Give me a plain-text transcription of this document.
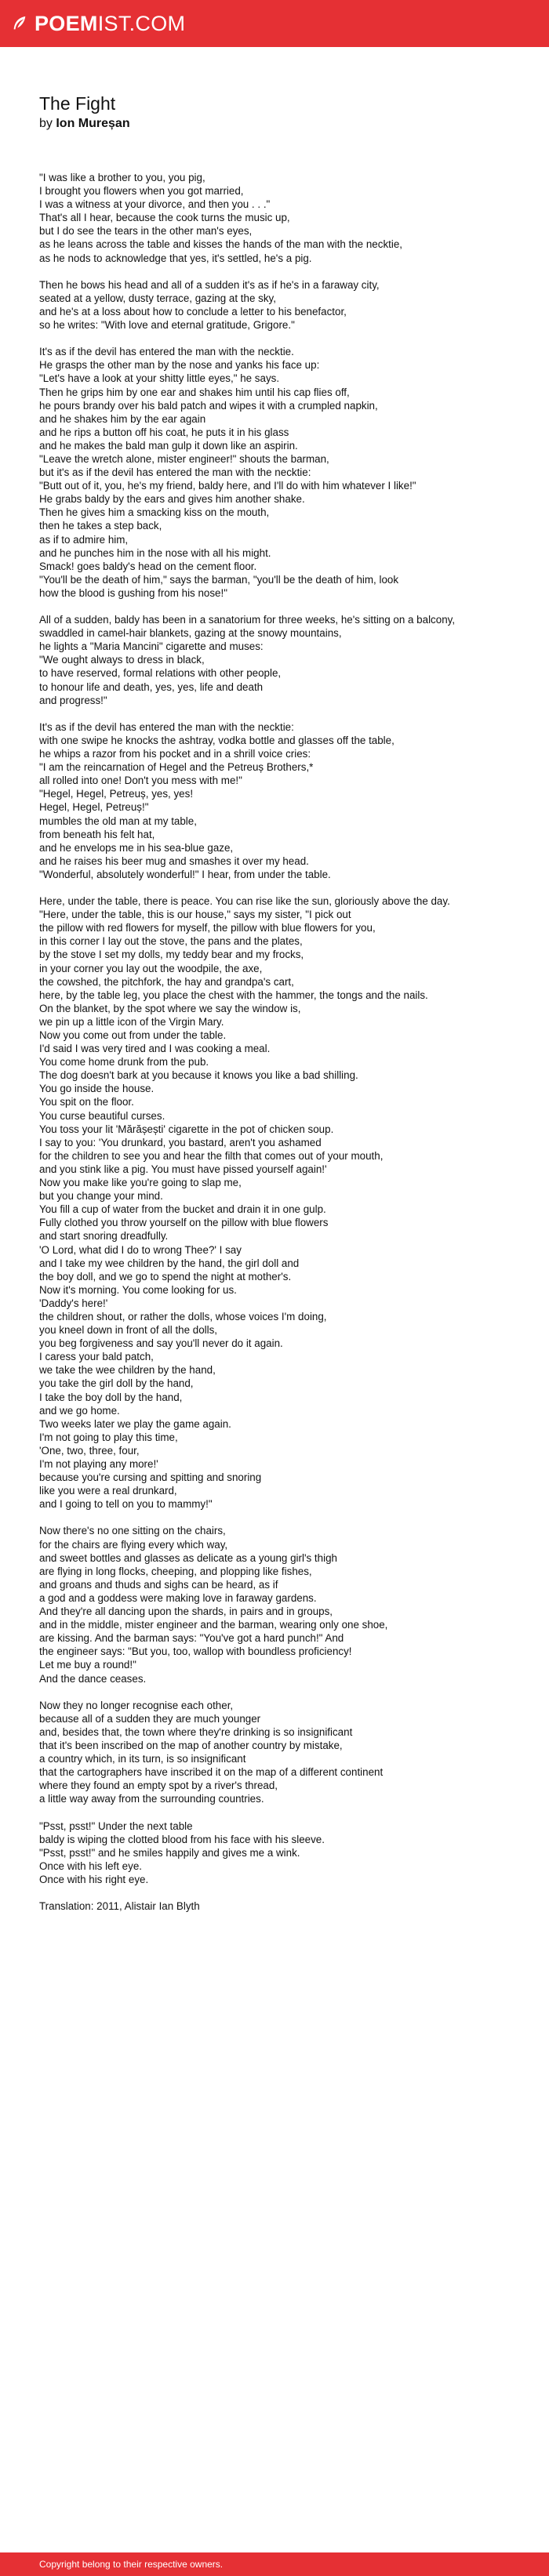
POEMIST.COM
The Fight
by Ion Mureșan
"I was like a brother to you, you pig,
I brought you flowers when you got married,
I was a witness at your divorce, and then you . . ."
That's all I hear, because the cook turns the music up,
but I do see the tears in the other man's eyes,
as he leans across the table and kisses the hands of the man with the necktie,
as he nods to acknowledge that yes, it's settled, he's a pig.
Then he bows his head and all of a sudden it's as if he's in a faraway city,
seated at a yellow, dusty terrace, gazing at the sky,
and he's at a loss about how to conclude a letter to his benefactor,
so he writes: "With love and eternal gratitude, Grigore."
It's as if the devil has entered the man with the necktie.
He grasps the other man by the nose and yanks his face up:
"Let's have a look at your shitty little eyes," he says.
Then he grips him by one ear and shakes him until his cap flies off,
he pours brandy over his bald patch and wipes it with a crumpled napkin,
and he shakes him by the ear again
and he rips a button off his coat, he puts it in his glass
and he makes the bald man gulp it down like an aspirin.
"Leave the wretch alone, mister engineer!" shouts the barman,
but it's as if the devil has entered the man with the necktie:
"Butt out of it, you, he's my friend, baldy here, and I'll do with him whatever I like!"
He grabs baldy by the ears and gives him another shake.
Then he gives him a smacking kiss on the mouth,
then he takes a step back,
as if to admire him,
and he punches him in the nose with all his might.
Smack! goes baldy's head on the cement floor.
"You'll be the death of him," says the barman, "you'll be the death of him, look
how the blood is gushing from his nose!"
All of a sudden, baldy has been in a sanatorium for three weeks, he's sitting on a balcony,
swaddled in camel-hair blankets, gazing at the snowy mountains,
he lights a "Maria Mancini" cigarette and muses:
"We ought always to dress in black,
to have reserved, formal relations with other people,
to honour life and death, yes, yes, life and death
and progress!"
It's as if the devil has entered the man with the necktie:
with one swipe he knocks the ashtray, vodka bottle and glasses off the table,
he whips a razor from his pocket and in a shrill voice cries:
"I am the reincarnation of Hegel and the Petreuș Brothers,*
all rolled into one! Don't you mess with me!"
"Hegel, Hegel, Petreuș, yes, yes!
Hegel, Hegel, Petreuș!"
mumbles the old man at my table,
from beneath his felt hat,
and he envelops me in his sea-blue gaze,
and he raises his beer mug and smashes it over my head.
"Wonderful, absolutely wonderful!" I hear, from under the table.
Here, under the table, there is peace. You can rise like the sun, gloriously above the day.
"Here, under the table, this is our house," says my sister, "I pick out
the pillow with red flowers for myself, the pillow with blue flowers for you,
in this corner I lay out the stove, the pans and the plates,
by the stove I set my dolls, my teddy bear and my frocks,
in your corner you lay out the woodpile, the axe,
the cowshed, the pitchfork, the hay and grandpa's cart,
here, by the table leg, you place the chest with the hammer, the tongs and the nails.
On the blanket, by the spot where we say the window is,
we pin up a little icon of the Virgin Mary.
Now you come out from under the table.
I'd said I was very tired and I was cooking a meal.
You come home drunk from the pub.
The dog doesn't bark at you because it knows you like a bad shilling.
You go inside the house.
You spit on the floor.
You curse beautiful curses.
You toss your lit 'Mărășești' cigarette in the pot of chicken soup.
I say to you: 'You drunkard, you bastard, aren't you ashamed
for the children to see you and hear the filth that comes out of your mouth,
and you stink like a pig. You must have pissed yourself again!'
Now you make like you're going to slap me,
but you change your mind.
You fill a cup of water from the bucket and drain it in one gulp.
Fully clothed you throw yourself on the pillow with blue flowers
and start snoring dreadfully.
'O Lord, what did I do to wrong Thee?' I say
and I take my wee children by the hand, the girl doll and
the boy doll, and we go to spend the night at mother's.
Now it's morning. You come looking for us.
'Daddy's here!'
the children shout, or rather the dolls, whose voices I'm doing,
you kneel down in front of all the dolls,
you beg forgiveness and say you'll never do it again.
I caress your bald patch,
we take the wee children by the hand,
you take the girl doll by the hand,
I take the boy doll by the hand,
and we go home.
Two weeks later we play the game again.
I'm not going to play this time,
'One, two, three, four,
I'm not playing any more!'
because you're cursing and spitting and snoring
like you were a real drunkard,
and I going to tell on you to mammy!"
Now there's no one sitting on the chairs,
for the chairs are flying every which way,
and sweet bottles and glasses as delicate as a young girl's thigh
are flying in long flocks, cheeping, and plopping like fishes,
and groans and thuds and sighs can be heard, as if
a god and a goddess were making love in faraway gardens.
And they're all dancing upon the shards, in pairs and in groups,
and in the middle, mister engineer and the barman, wearing only one shoe,
are kissing. And the barman says: "You've got a hard punch!" And
the engineer says: "But you, too, wallop with boundless proficiency!
Let me buy a round!"
And the dance ceases.
Now they no longer recognise each other,
because all of a sudden they are much younger
and, besides that, the town where they're drinking is so insignificant
that it's been inscribed on the map of another country by mistake,
a country which, in its turn, is so insignificant
that the cartographers have inscribed it on the map of a different continent
where they found an empty spot by a river's thread,
a little way away from the surrounding countries.
"Psst, psst!" Under the next table
baldy is wiping the clotted blood from his face with his sleeve.
"Psst, psst!" and he smiles happily and gives me a wink.
Once with his left eye.
Once with his right eye.
Translation: 2011, Alistair Ian Blyth
Copyright belong to their respective owners.
